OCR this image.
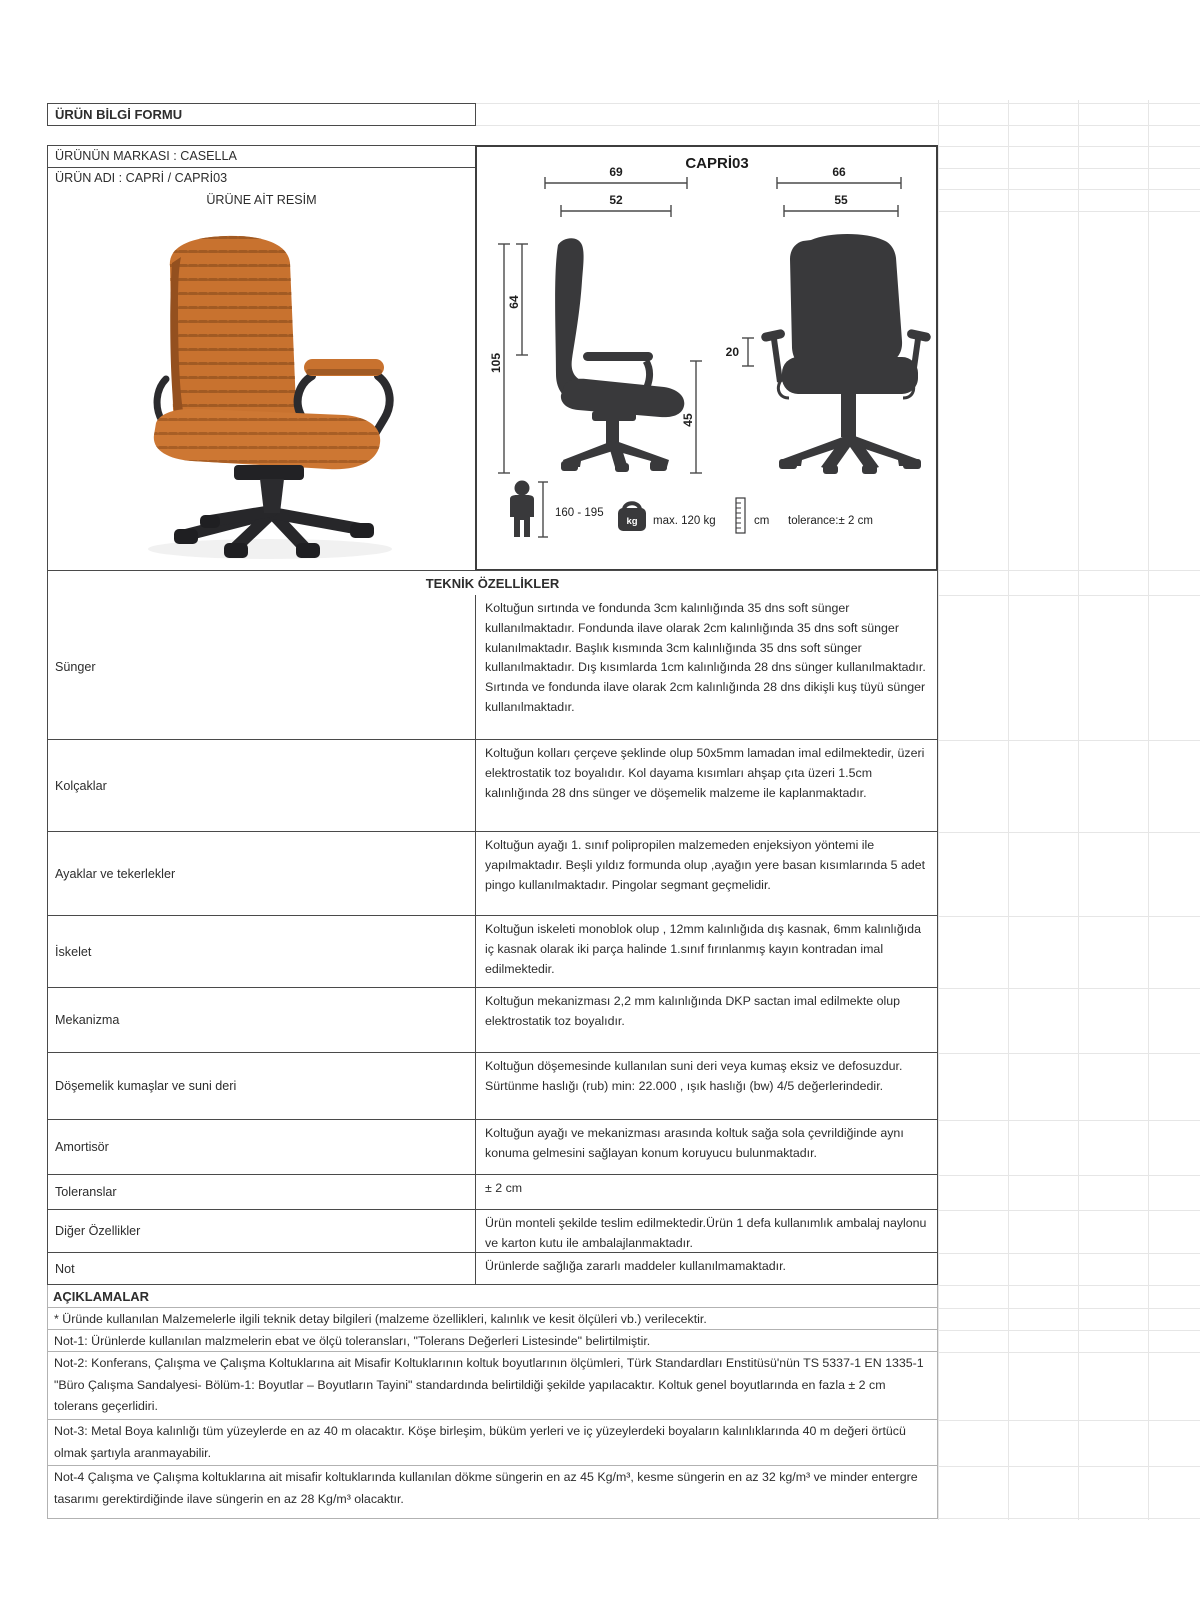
ÜRÜN BİLGİ FORMU
ÜRÜNÜN MARKASI : CASELLA
ÜRÜN ADI : CAPRİ / CAPRİ03
ÜRÜNE AİT RESİM
CAPRİ03
69
52
66
55
105
64
45
20
160 - 195
kg max. 120 kg	cm tolerance:± 2 cm
TEKNİK ÖZELLİKLER
Sünger
Koltuğun sırtında ve fondunda 3cm kalınlığında 35 dns soft sünger kullanılmaktadır. Fondunda ilave olarak 2cm kalınlığında 35 dns soft sünger kulanılmaktadır. Başlık kısmında 3cm kalınlığında 35 dns soft sünger kullanılmaktadır. Dış kısımlarda 1cm kalınlığında 28 dns sünger kullanılmaktadır. Sırtında ve fondunda ilave olarak 2cm kalınlığında 28 dns dikişli kuş tüyü sünger kullanılmaktadır.
Kolçaklar
Koltuğun kolları çerçeve şeklinde olup 50x5mm lamadan imal edilmektedir, üzeri elektrostatik toz boyalıdır. Kol dayama kısımları ahşap çıta üzeri 1.5cm kalınlığında 28 dns sünger ve döşemelik malzeme ile kaplanmaktadır.
Ayaklar ve tekerlekler
Koltuğun ayağı 1. sınıf polipropilen malzemeden enjeksiyon yöntemi ile yapılmaktadır. Beşli yıldız formunda olup ,ayağın yere basan kısımlarında 5 adet pingo kullanılmaktadır. Pingolar segmant geçmelidir.
İskelet
Koltuğun iskeleti monoblok olup , 12mm kalınlığıda dış kasnak, 6mm kalınlığıda iç kasnak olarak iki parça halinde 1.sınıf fırınlanmış kayın kontradan imal edilmektedir.
Mekanizma
Koltuğun mekanizması 2,2 mm kalınlığında DKP sactan imal edilmekte olup elektrostatik toz boyalıdır.
Döşemelik kumaşlar ve suni deri
Koltuğun döşemesinde kullanılan suni deri veya kumaş eksiz ve defosuzdur. Sürtünme haslığı (rub) min: 22.000 , ışık haslığı (bw) 4/5 değerlerindedir.
Amortisör
Koltuğun ayağı ve mekanizması arasında koltuk sağa sola çevrildiğinde aynı konuma gelmesini sağlayan konum koruyucu bulunmaktadır.
Toleranslar	± 2 cm
Diğer Özellikler
Ürün monteli şekilde teslim edilmektedir.Ürün 1 defa kullanımlık ambalaj naylonu ve karton kutu ile ambalajlanmaktadır.
Not	Ürünlerde sağlığa zararlı maddeler kullanılmamaktadır.
AÇIKLAMALAR
* Üründe kullanılan Malzemelerle ilgili teknik detay bilgileri (malzeme özellikleri, kalınlık ve kesit ölçüleri vb.) verilecektir.
Not-1: Ürünlerde kullanılan malzmelerin ebat ve ölçü toleransları, "Tolerans Değerleri Listesinde" belirtilmiştir.
Not-2: Konferans, Çalışma ve Çalışma Koltuklarına ait Misafir Koltuklarının koltuk boyutlarının ölçümleri, Türk Standardları Enstitüsü'nün TS 5337-1 EN 1335-1 "Büro Çalışma Sandalyesi- Bölüm-1: Boyutlar – Boyutların Tayini" standardında belirtildiği şekilde yapılacaktır. Koltuk genel boyutlarında en fazla ± 2 cm tolerans geçerlidiri.
Not-3: Metal Boya kalınlığı tüm yüzeylerde en az 40 m olacaktır. Köşe birleşim, büküm yerleri ve iç yüzeylerdeki boyaların kalınlıklarında 40 m değeri örtücü olmak şartıyla aranmayabilir.
Not-4 Çalışma ve Çalışma koltuklarına ait misafir koltuklarında kullanılan dökme süngerin en az 45 Kg/m³, kesme süngerin en az 32 kg/m³ ve minder entergre tasarımı gerektirdiğinde ilave süngerin en az 28 Kg/m³ olacaktır.
